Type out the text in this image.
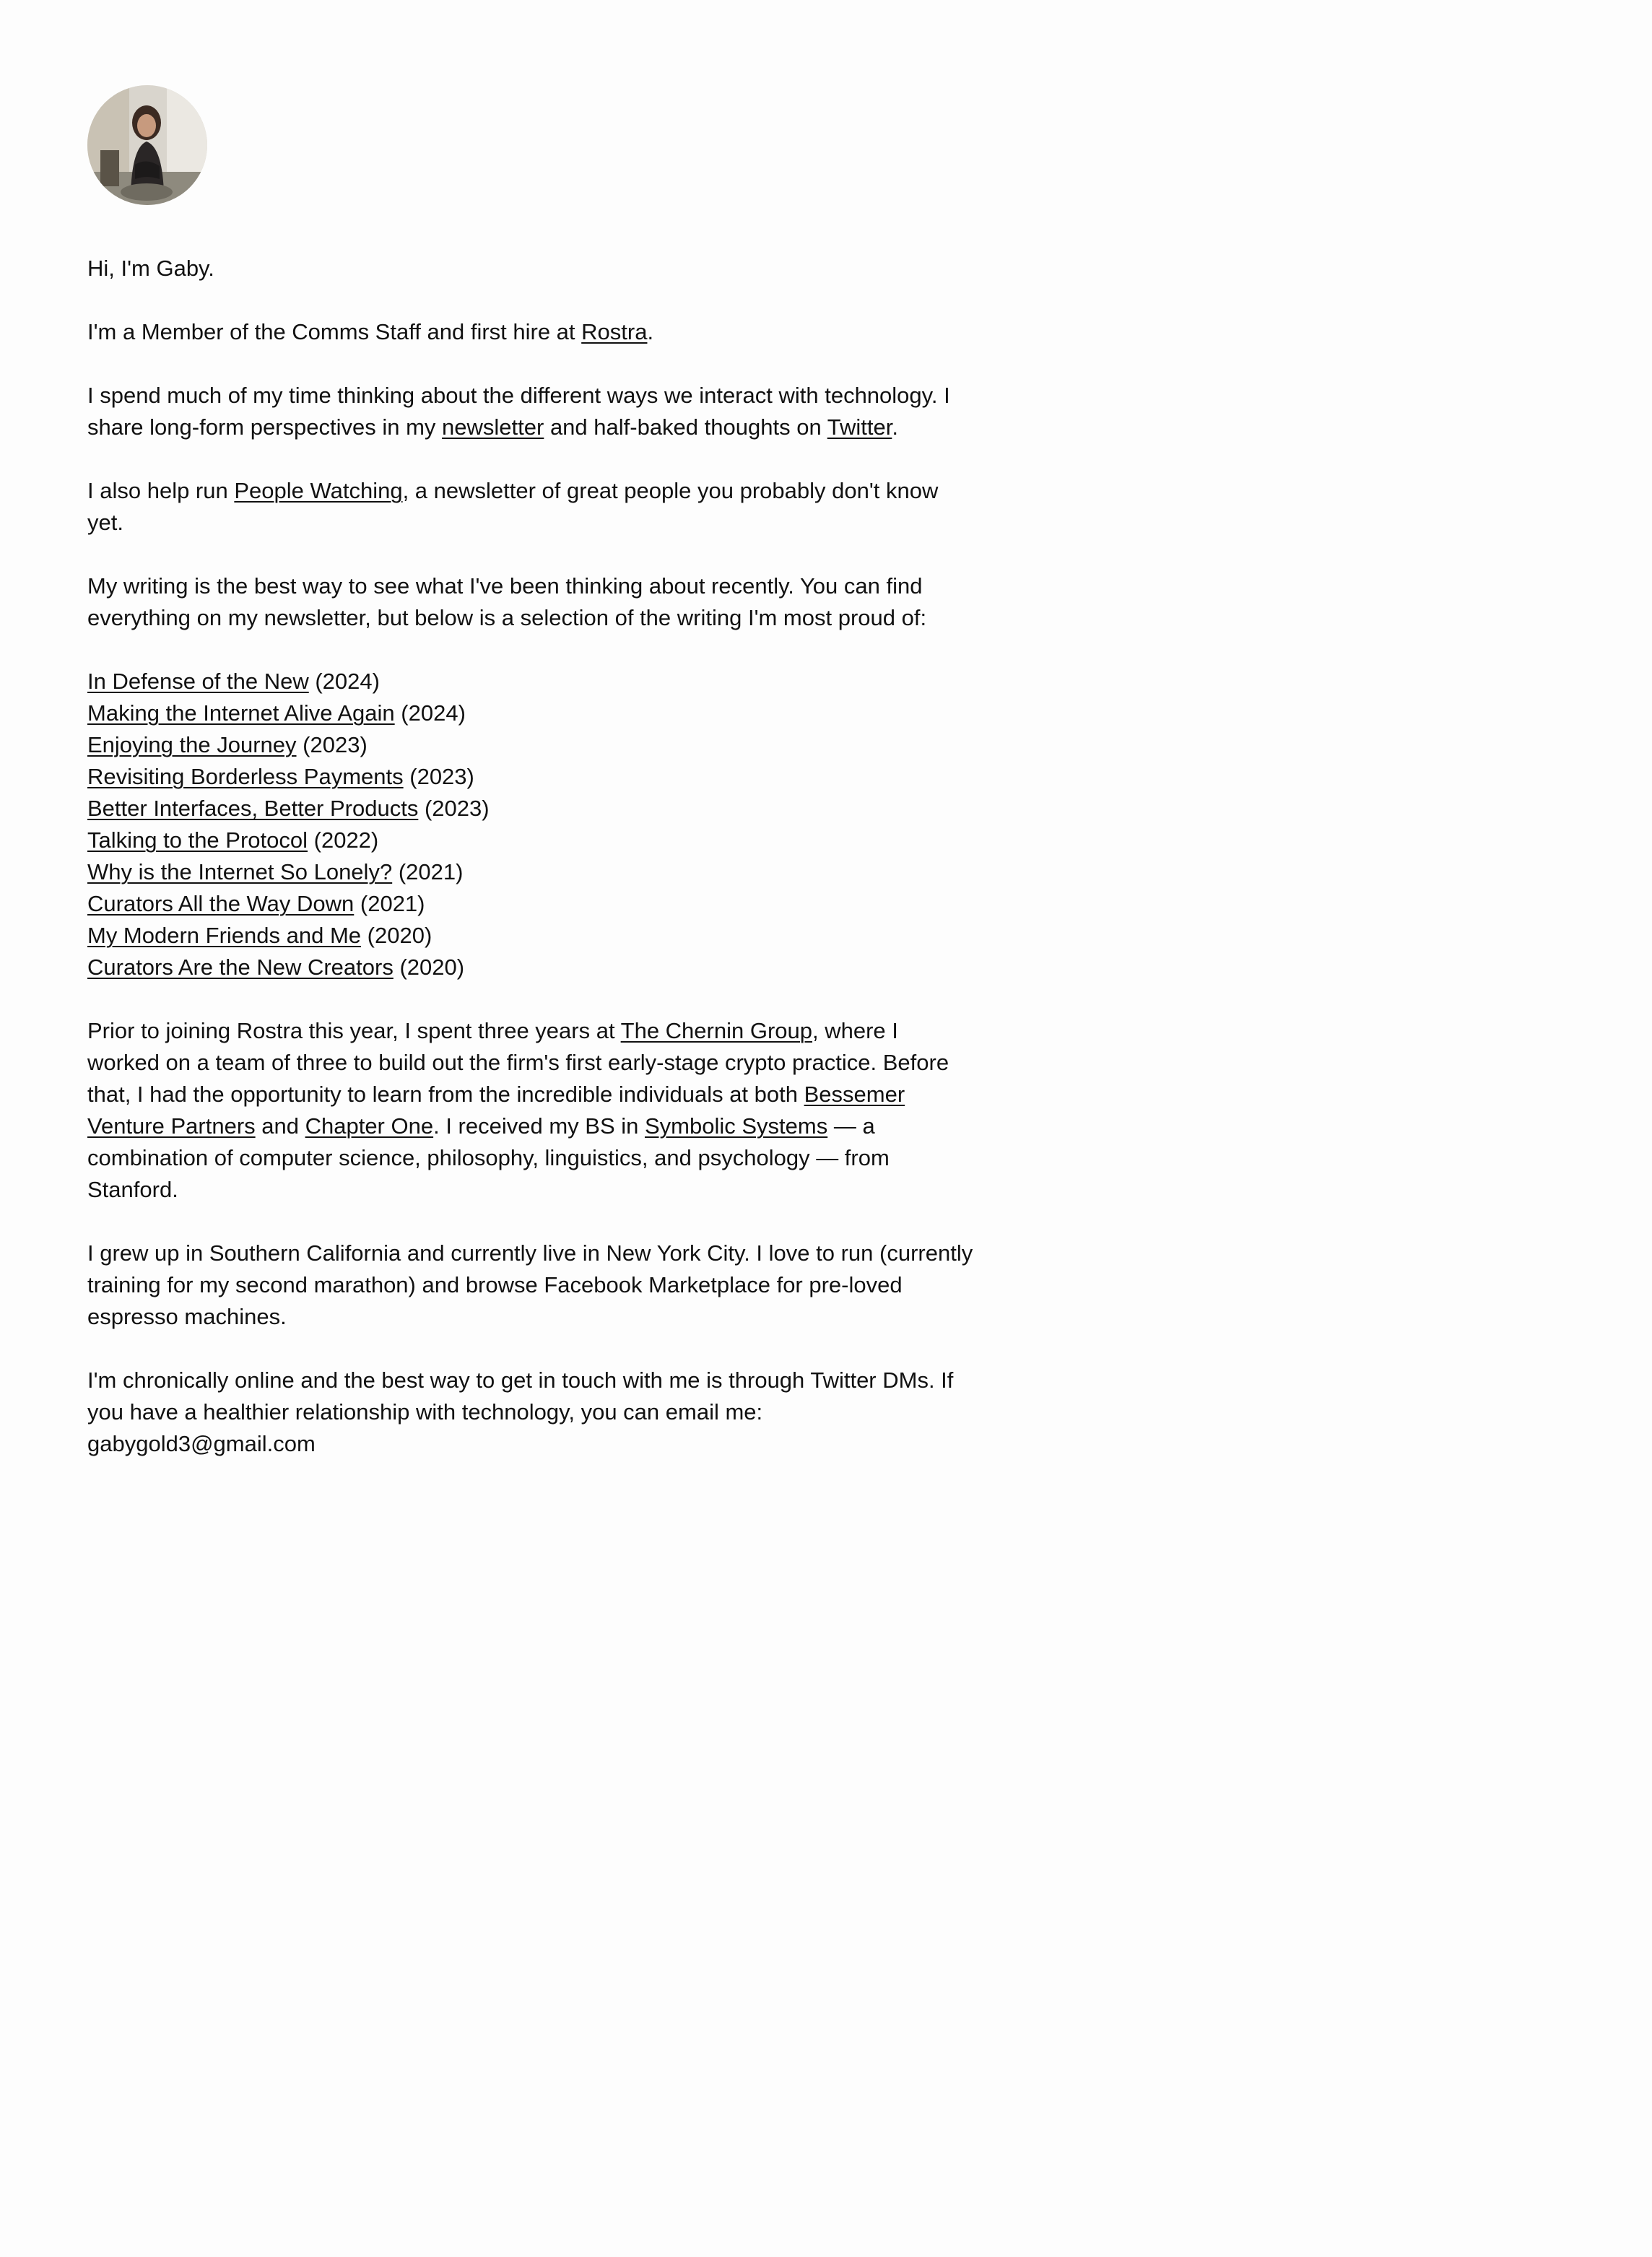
Hi, I'm Gaby.

I'm a Member of the Comms Staff and first hire at Rostra.

I spend much of my time thinking about the different ways we interact with technology. I share long-form perspectives in my newsletter and half-baked thoughts on Twitter.

I also help run People Watching, a newsletter of great people you probably don't know yet.

My writing is the best way to see what I've been thinking about recently. You can find everything on my newsletter, but below is a selection of the writing I'm most proud of:

In Defense of the New (2024)
Making the Internet Alive Again (2024)
Enjoying the Journey (2023)
Revisiting Borderless Payments (2023)
Better Interfaces, Better Products (2023)
Talking to the Protocol (2022)
Why is the Internet So Lonely? (2021)
Curators All the Way Down (2021)
My Modern Friends and Me (2020)
Curators Are the New Creators (2020)

Prior to joining Rostra this year, I spent three years at The Chernin Group, where I worked on a team of three to build out the firm's first early-stage crypto practice. Before that, I had the opportunity to learn from the incredible individuals at both Bessemer Venture Partners and Chapter One. I received my BS in Symbolic Systems — a combination of computer science, philosophy, linguistics, and psychology — from Stanford.

I grew up in Southern California and currently live in New York City. I love to run (currently training for my second marathon) and browse Facebook Marketplace for pre-loved espresso machines.

I'm chronically online and the best way to get in touch with me is through Twitter DMs. If you have a healthier relationship with technology, you can email me:
gabygold3@gmail.com
